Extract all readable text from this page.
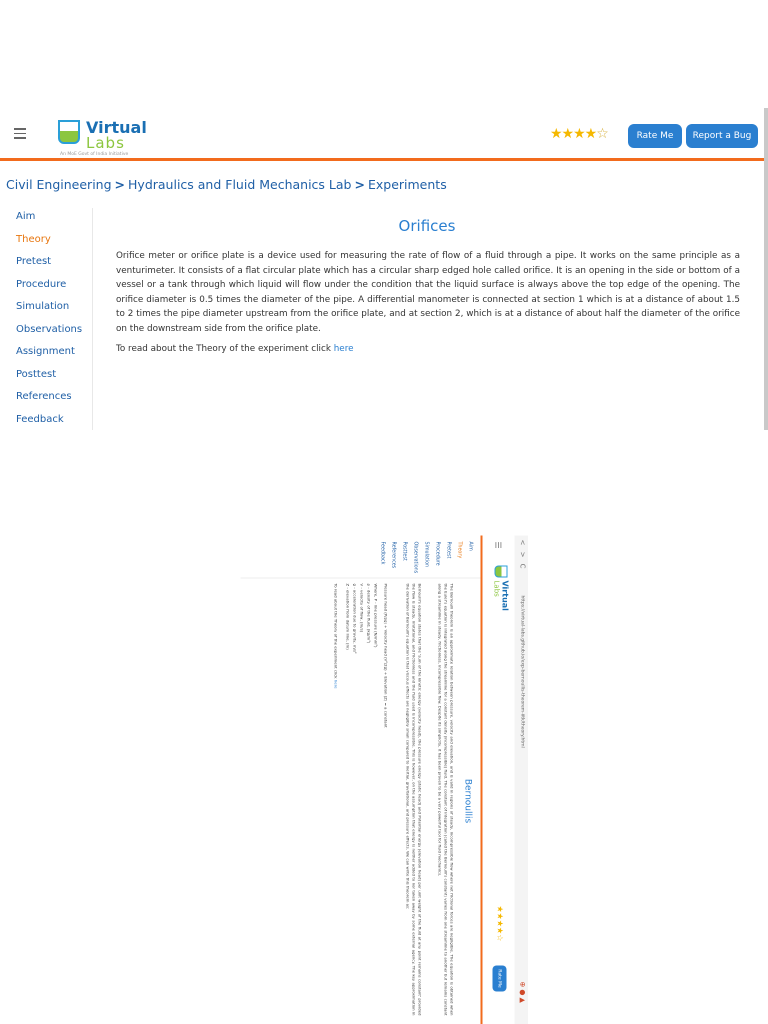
Virtual
Labs
An MoE Govt of India Initiative
★★★★☆	Rate Me	Report a Bug
Civil Engineering > Hydraulics and Fluid Mechanics Lab > Experiments
Aim
Theory
Pretest
Procedure
Simulation
Observations
Assignment
Posttest
References
Feedback
Orifices
Orifice meter or orifice plate is a device used for measuring the rate of flow of a fluid through a pipe. It works on the same principle as a venturimeter. It consists of a flat circular plate which has a circular sharp edged hole called orifice. It is an opening in the side or bottom of a vessel or a tank through which liquid will flow under the condition that the liquid surface is always above the top edge of the opening. The orifice diameter is 0.5 times the diameter of the pipe. A differential manometer is connected at section 1 which is at a distance of about 1.5 to 2 times the pipe diameter upstream from the orifice plate, and at section 2, which is at a distance of about half the diameter of the orifice on the downstream side from the orifice plate.
To read about the Theory of the experiment click here
< > C
https://virtual-labs.github.io/exp-bernoullis-theorem-iitk/theory.html
⊕●▲
☰
Virtual
Labs
★★★★☆
Rate Me
Aim
Theory
Pretest
Procedure
Simulation
Observations
Posttest
References
Feedback
Bernoullis
The Bernoulli theorem is an approximate relation between pressure, velocity and elevation, and is valid in regions of steady, incompressible flow where net frictional forces are negligible. The equation is obtained when the Euler's equation is integrated along the streamline for a constant density (incompressible) fluid. The constant of integration (called the Bernoulli's constant) varies from one streamline to another but remains constant along a streamline in steady, frictionless, incompressible flow. Despite its simplicity, it has been proven to be a very powerful tool for fluid mechanics.
Bernoulli's equation states that the 'sum of the kinetic energy (velocity head), the pressure energy (static head) and Potential energy (elevation head) per unit weight of the fluid at any point remains constant' provided the flow is steady, irrotational, and frictionless and the fluid used is incompressible. This is however, on the assumption that energy is neither added to nor taken away by some external agency. The key approximation in the derivation of Bernoulli's equation is that viscous effects are negligibly small compared to inertial, gravitational, and pressure effects. We can write this theorem as:
Pressure head (P/ρg) + Velocity head (V²/2g) + Elevation (Z) = a constant
Where, P - line pressure (N/mm²)
ρ - density of the fluid, (kg/m³)
V - velocity of flow, (m/s)
g - acceleration due to gravity, m/s²
Z - elevation from datum line, (m)
To read about the Theory of the experiment click here
